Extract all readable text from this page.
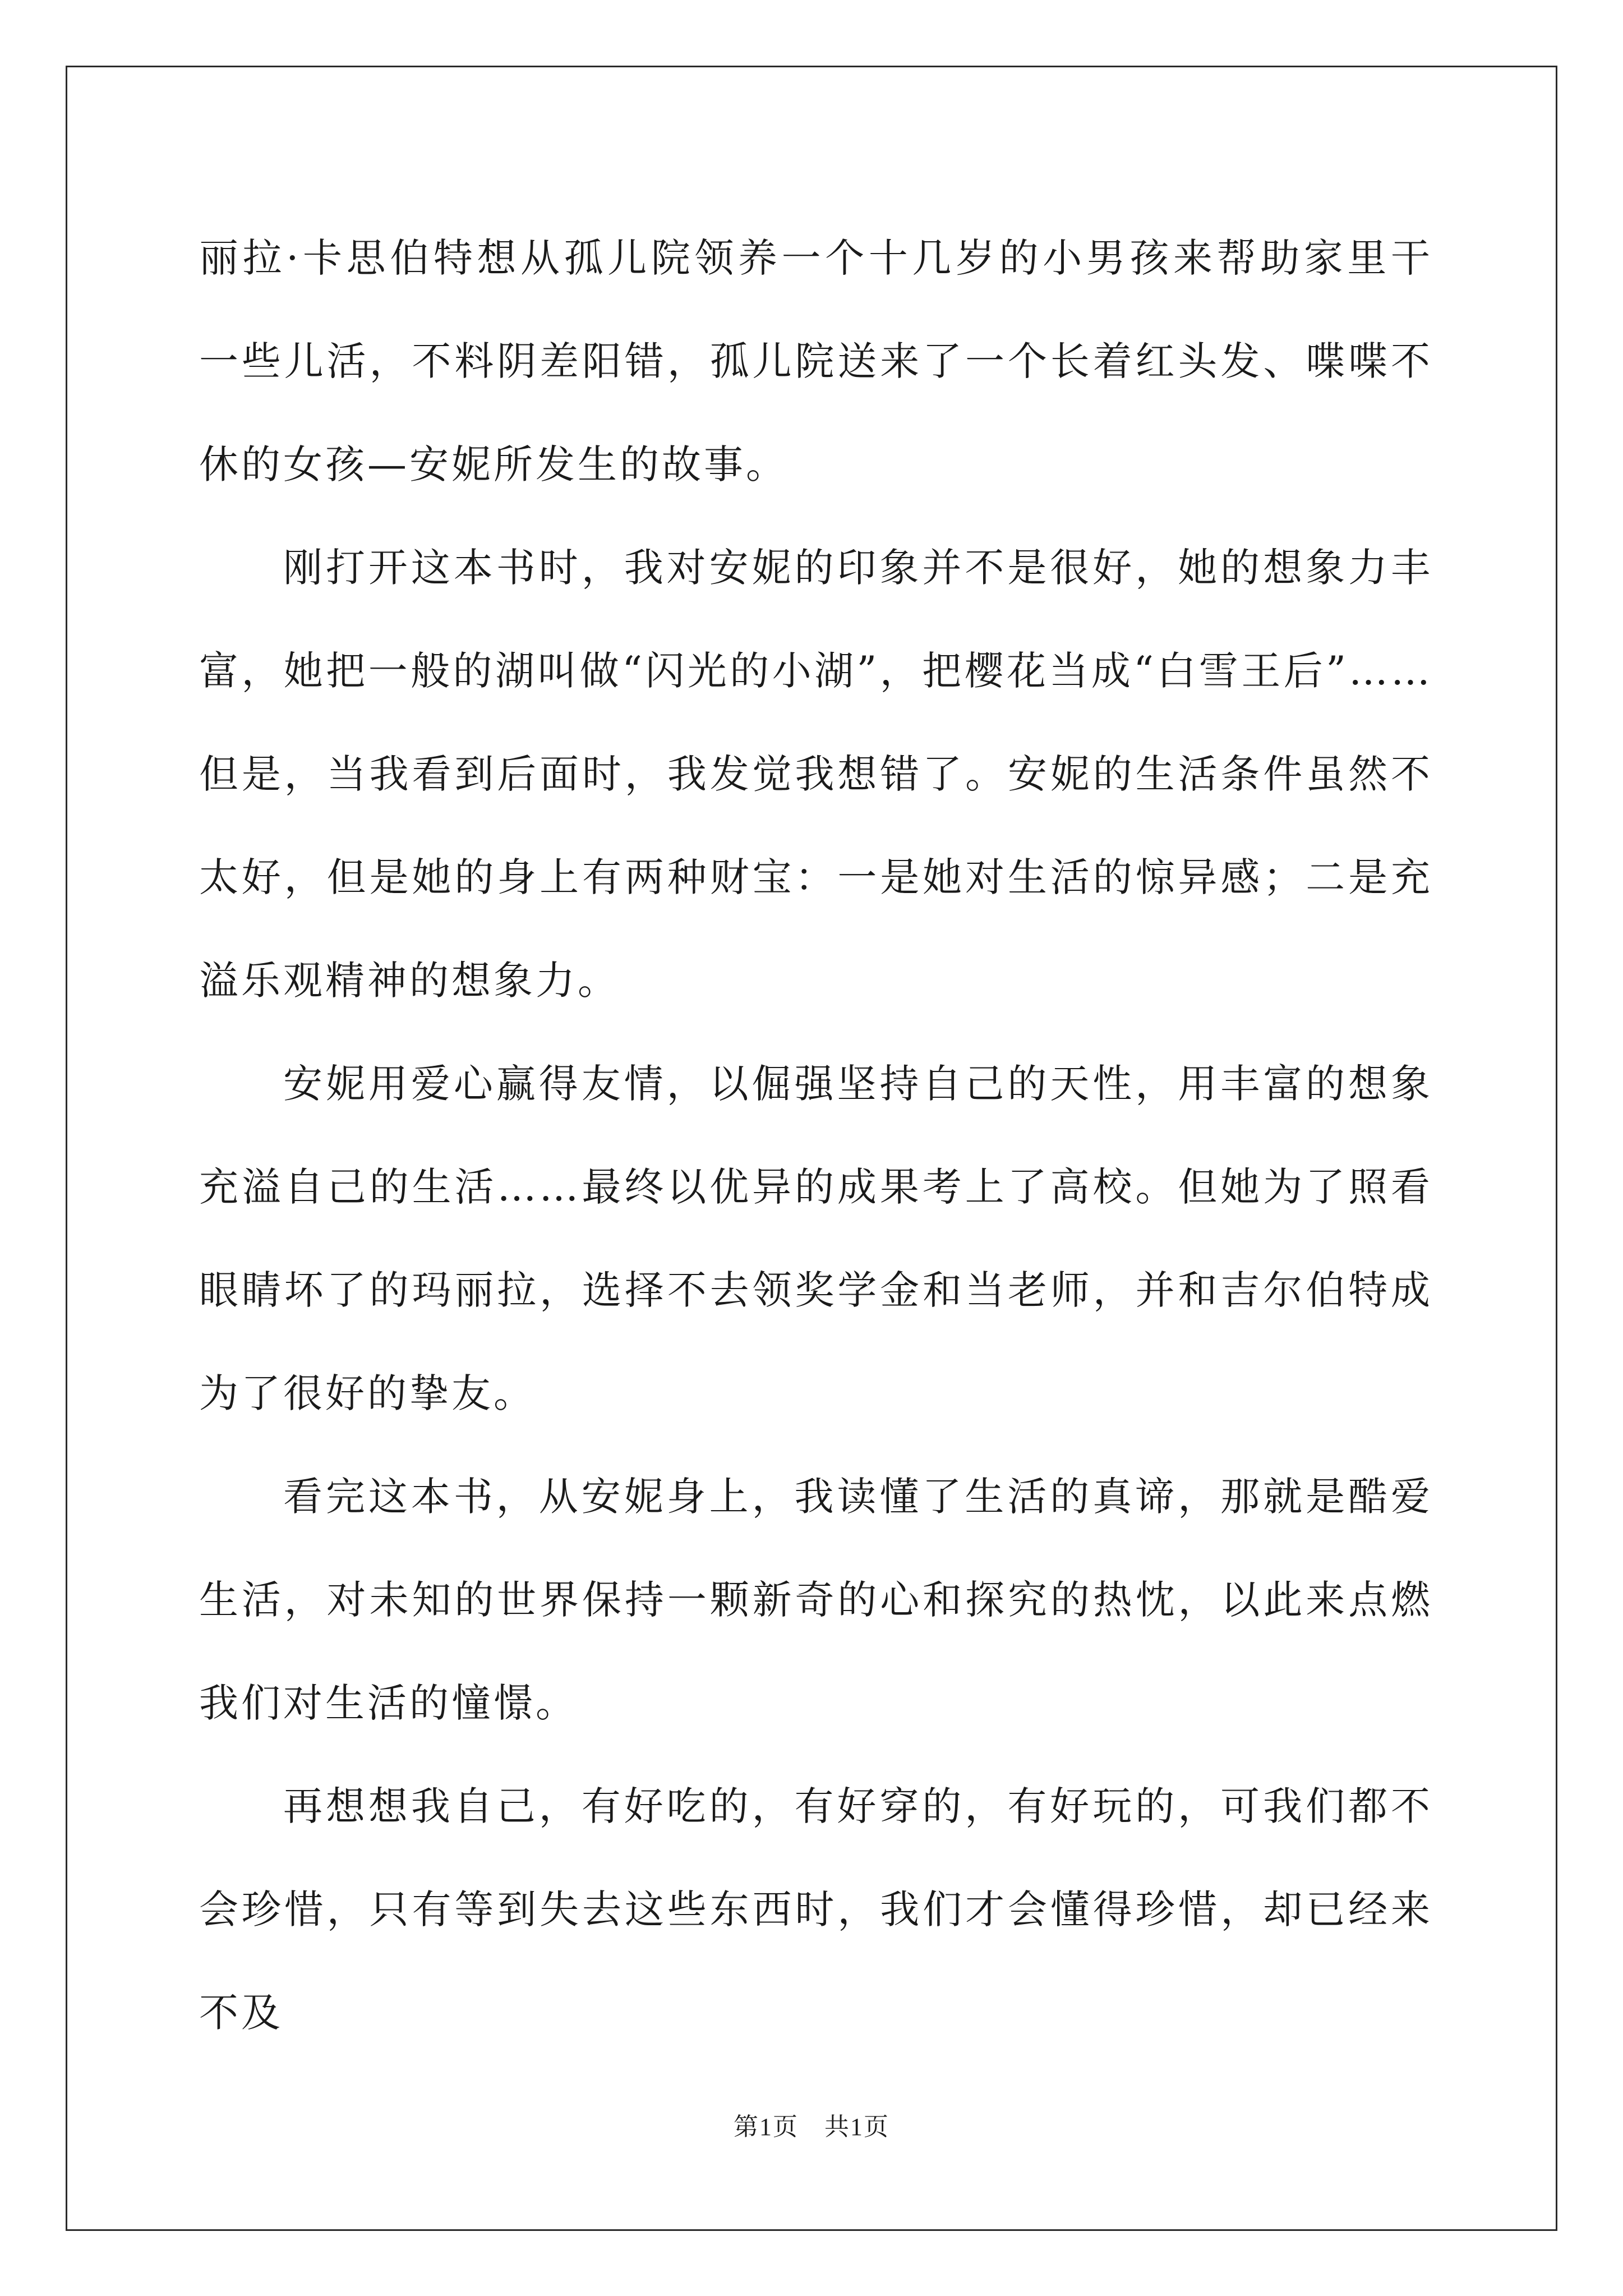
丽拉·卡思伯特想从孤儿院领养一个十几岁的小男孩来帮助家里干一些儿活，不料阴差阳错，孤儿院送来了一个长着红头发、喋喋不休的女孩—安妮所发生的故事。

刚打开这本书时，我对安妮的印象并不是很好，她的想象力丰富，她把一般的湖叫做“闪光的小湖”，把樱花当成“白雪王后”……但是，当我看到后面时，我发觉我想错了。安妮的生活条件虽然不太好，但是她的身上有两种财宝：一是她对生活的惊异感；二是充溢乐观精神的想象力。

安妮用爱心赢得友情，以倔强坚持自己的天性，用丰富的想象充溢自己的生活……最终以优异的成果考上了高校。但她为了照看眼睛坏了的玛丽拉，选择不去领奖学金和当老师，并和吉尔伯特成为了很好的挚友。

看完这本书，从安妮身上，我读懂了生活的真谛，那就是酷爱生活，对未知的世界保持一颗新奇的心和探究的热忱，以此来点燃我们对生活的憧憬。

再想想我自己，有好吃的，有好穿的，有好玩的，可我们都不会珍惜，只有等到失去这些东西时，我们才会懂得珍惜，却已经来不及

第1页　共1页
